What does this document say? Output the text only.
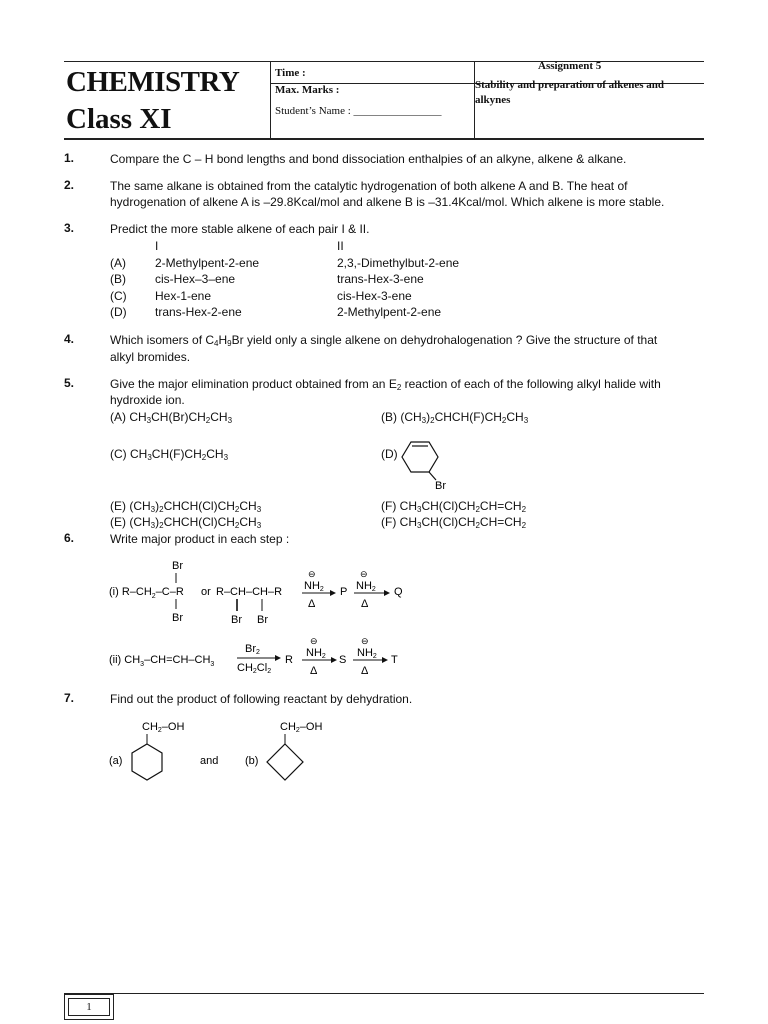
CHEMISTRY
Class XI
Time :
Max. Marks :
Student’s Name : ________________
Assignment 5
Stability and preparation of alkenes and alkynes
1.	Compare the C – H bond lengths and bond dissociation enthalpies of an alkyne, alkene & alkane.
2.	The same alkane is obtained from the catalytic hydrogenation of both alkene A and B. The heat of hydrogenation of alkene A is –29.8Kcal/mol and alkene B is –31.4Kcal/mol. Which alkene is more stable.
3.	Predict the more stable alkene of each pair I & II.
I	II
(A) 2-Methylpent-2-ene	2,3,-Dimethylbut-2-ene
(B) cis-Hex–3–ene	trans-Hex-3-ene
(C) Hex-1-ene	cis-Hex-3-ene
(D) trans-Hex-2-ene	2-Methylpent-2-ene
4.	Which isomers of $C_4H_9Br$ yield only a single alkene on dehydrohalogenation ? Give the structure of that
alkyl bromides.
5.	Give the major elimination product obtained from an $E_2$ reaction of each of the following alkyl halide with
hydroxide ion.
(A) $CH_3CH(Br)CH_2CH_3$	(B) $(CH_3)_2CHCH(F)CH_2CH_3$
(C) $CH_3CH(F)CH_2CH_3$	(D)
Br
(E) $(CH_3)_2CHCH(Cl)CH_2CH_3$	(F) $CH_3CH(Cl)CH_2CH=CH_2$
(E) $(CH_3)_2CHCH(Cl)CH_2CH_3$	(F) $CH_3CH(Cl)CH_2CH=CH_2$
6.	Write major product in each step :
Br
(i) $R-CH_2-C-R$
Br
or R–CH–CH–R
Br Br
⊖
NH2
Δ
P
⊖
NH2
Δ
Q
(ii) $CH_3-CH=CH-CH_3$
Br2
CH2Cl2
R
⊖
NH2
Δ
S
⊖
NH2
Δ
T
7.	Find out the product of following reactant by dehydration.
CH2–OH
(a)	and (b)
CH2–OH
1
